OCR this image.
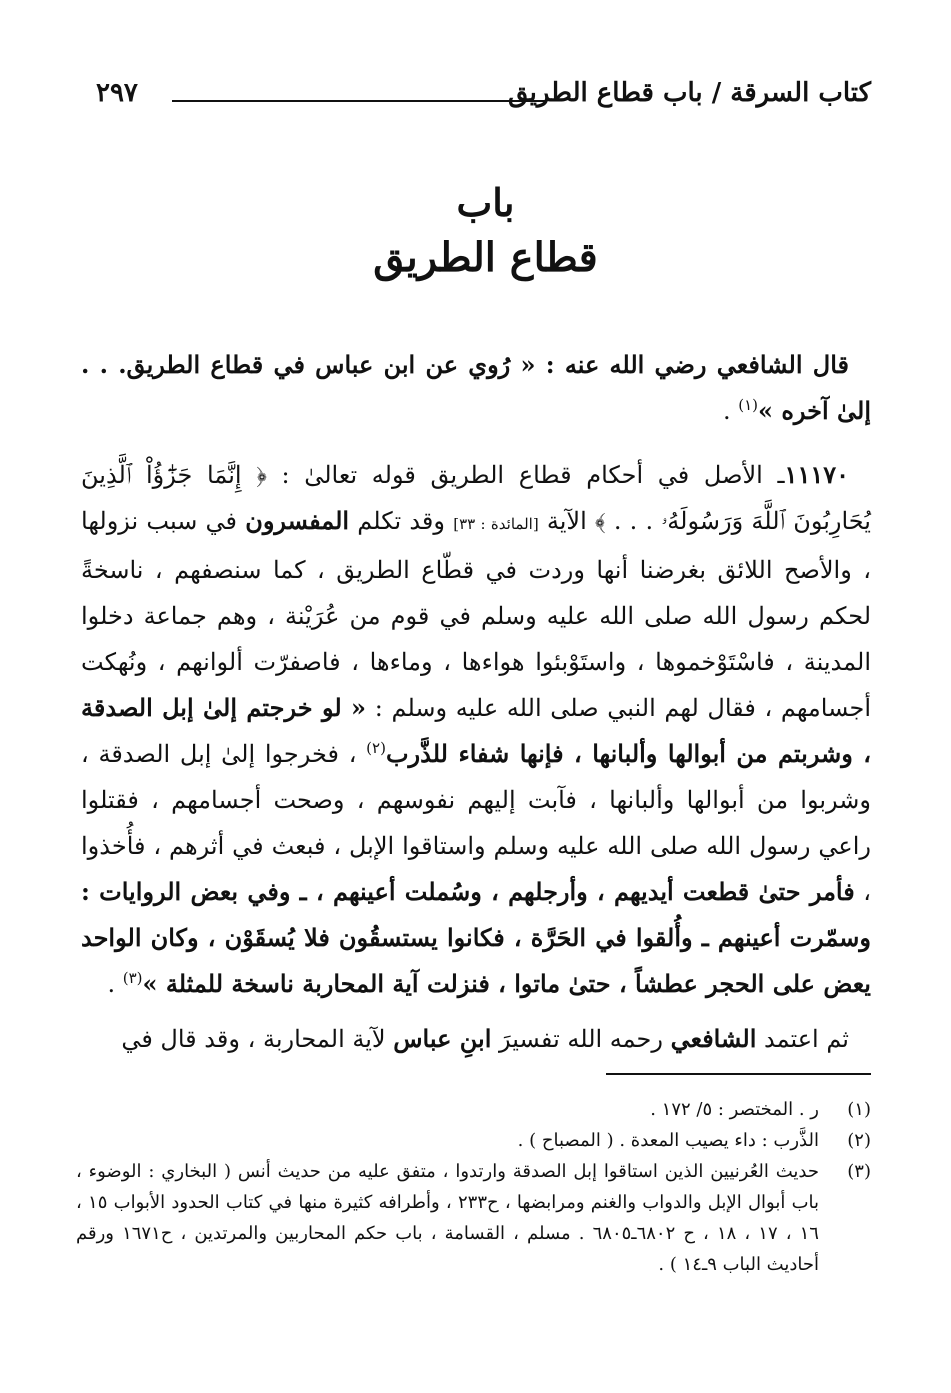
كتاب السرقة / باب قطاع الطريق
٢٩٧
باب
قطاع الطريق

قال الشافعي رضي الله عنه : « رُوي عن ابن عباس في قطاع الطريق. . . إلىٰ آخره »$^{(١)}$ .

١١١٧٠ـ الأصل في أحكام قطاع الطريق قوله تعالىٰ : ﴿ إِنَّمَا جَزَٰٓؤُاْ ٱلَّذِينَ يُحَارِبُونَ ٱللَّهَ وَرَسُولَهُۥ . . . ﴾ الآية [المائدة : ٣٣] وقد تكلم المفسرون في سبب نزولها ، والأصح اللائق بغرضنا أنها وردت في قطّاع الطريق ، كما سنصفهم ، ناسخةً لحكم رسول الله صلى الله عليه وسلم في قوم من عُرَيْنة ، وهم جماعة دخلوا المدينة ، فاسْتَوْخموها ، واستَوْبئوا هواءها ، وماءها ، فاصفرّت ألوانهم ، ونُهكت أجسامهم ، فقال لهم النبي صلى الله عليه وسلم : « لو خرجتم إلىٰ إبل الصدقة ، وشربتم من أبوالها وألبانها ، فإنها شفاء للذَّرب$^{(٢)}$ ، فخرجوا إلىٰ إبل الصدقة ، وشربوا من أبوالها وألبانها ، فآبت إليهم نفوسهم ، وصحت أجسامهم ، فقتلوا راعي رسول الله صلى الله عليه وسلم واستاقوا الإبل ، فبعث في أثرهم ، فأُخذوا ، فأمر حتىٰ قطعت أيديهم ، وأرجلهم ، وسُملت أعينهم ، ـ وفي بعض الروايات : وسمّرت أعينهم ـ وأُلقوا في الحَرَّة ، فكانوا يستسقُون فلا يُسقَوْن ، وكان الواحد يعض على الحجر عطشاً ، حتىٰ ماتوا ، فنزلت آية المحاربة ناسخة للمثلة »$^{(٣)}$ .

ثم اعتمد الشافعي رحمه الله تفسيرَ ابنِ عباس لآية المحاربة ، وقد قال في

(١)
ر . المختصر : ٥/ ١٧٢ .
(٢)
الذَّرب : داء يصيب المعدة . ( المصباح ) .
(٣)
حديث العُرنيين الذين استاقوا إبل الصدقة وارتدوا ، متفق عليه من حديث أنس ( البخاري : الوضوء ، باب أبوال الإبل والدواب والغنم ومرابضها ، ح٢٣٣ ، وأطرافه كثيرة منها في كتاب الحدود الأبواب ١٥ ، ١٦ ، ١٧ ، ١٨ ، ح ٦٨٠٢ـ٦٨٠٥ . مسلم ، القسامة ، باب حكم المحاربين والمرتدين ، ح١٦٧١ ورقم أحاديث الباب ٩ـ١٤ ) .
